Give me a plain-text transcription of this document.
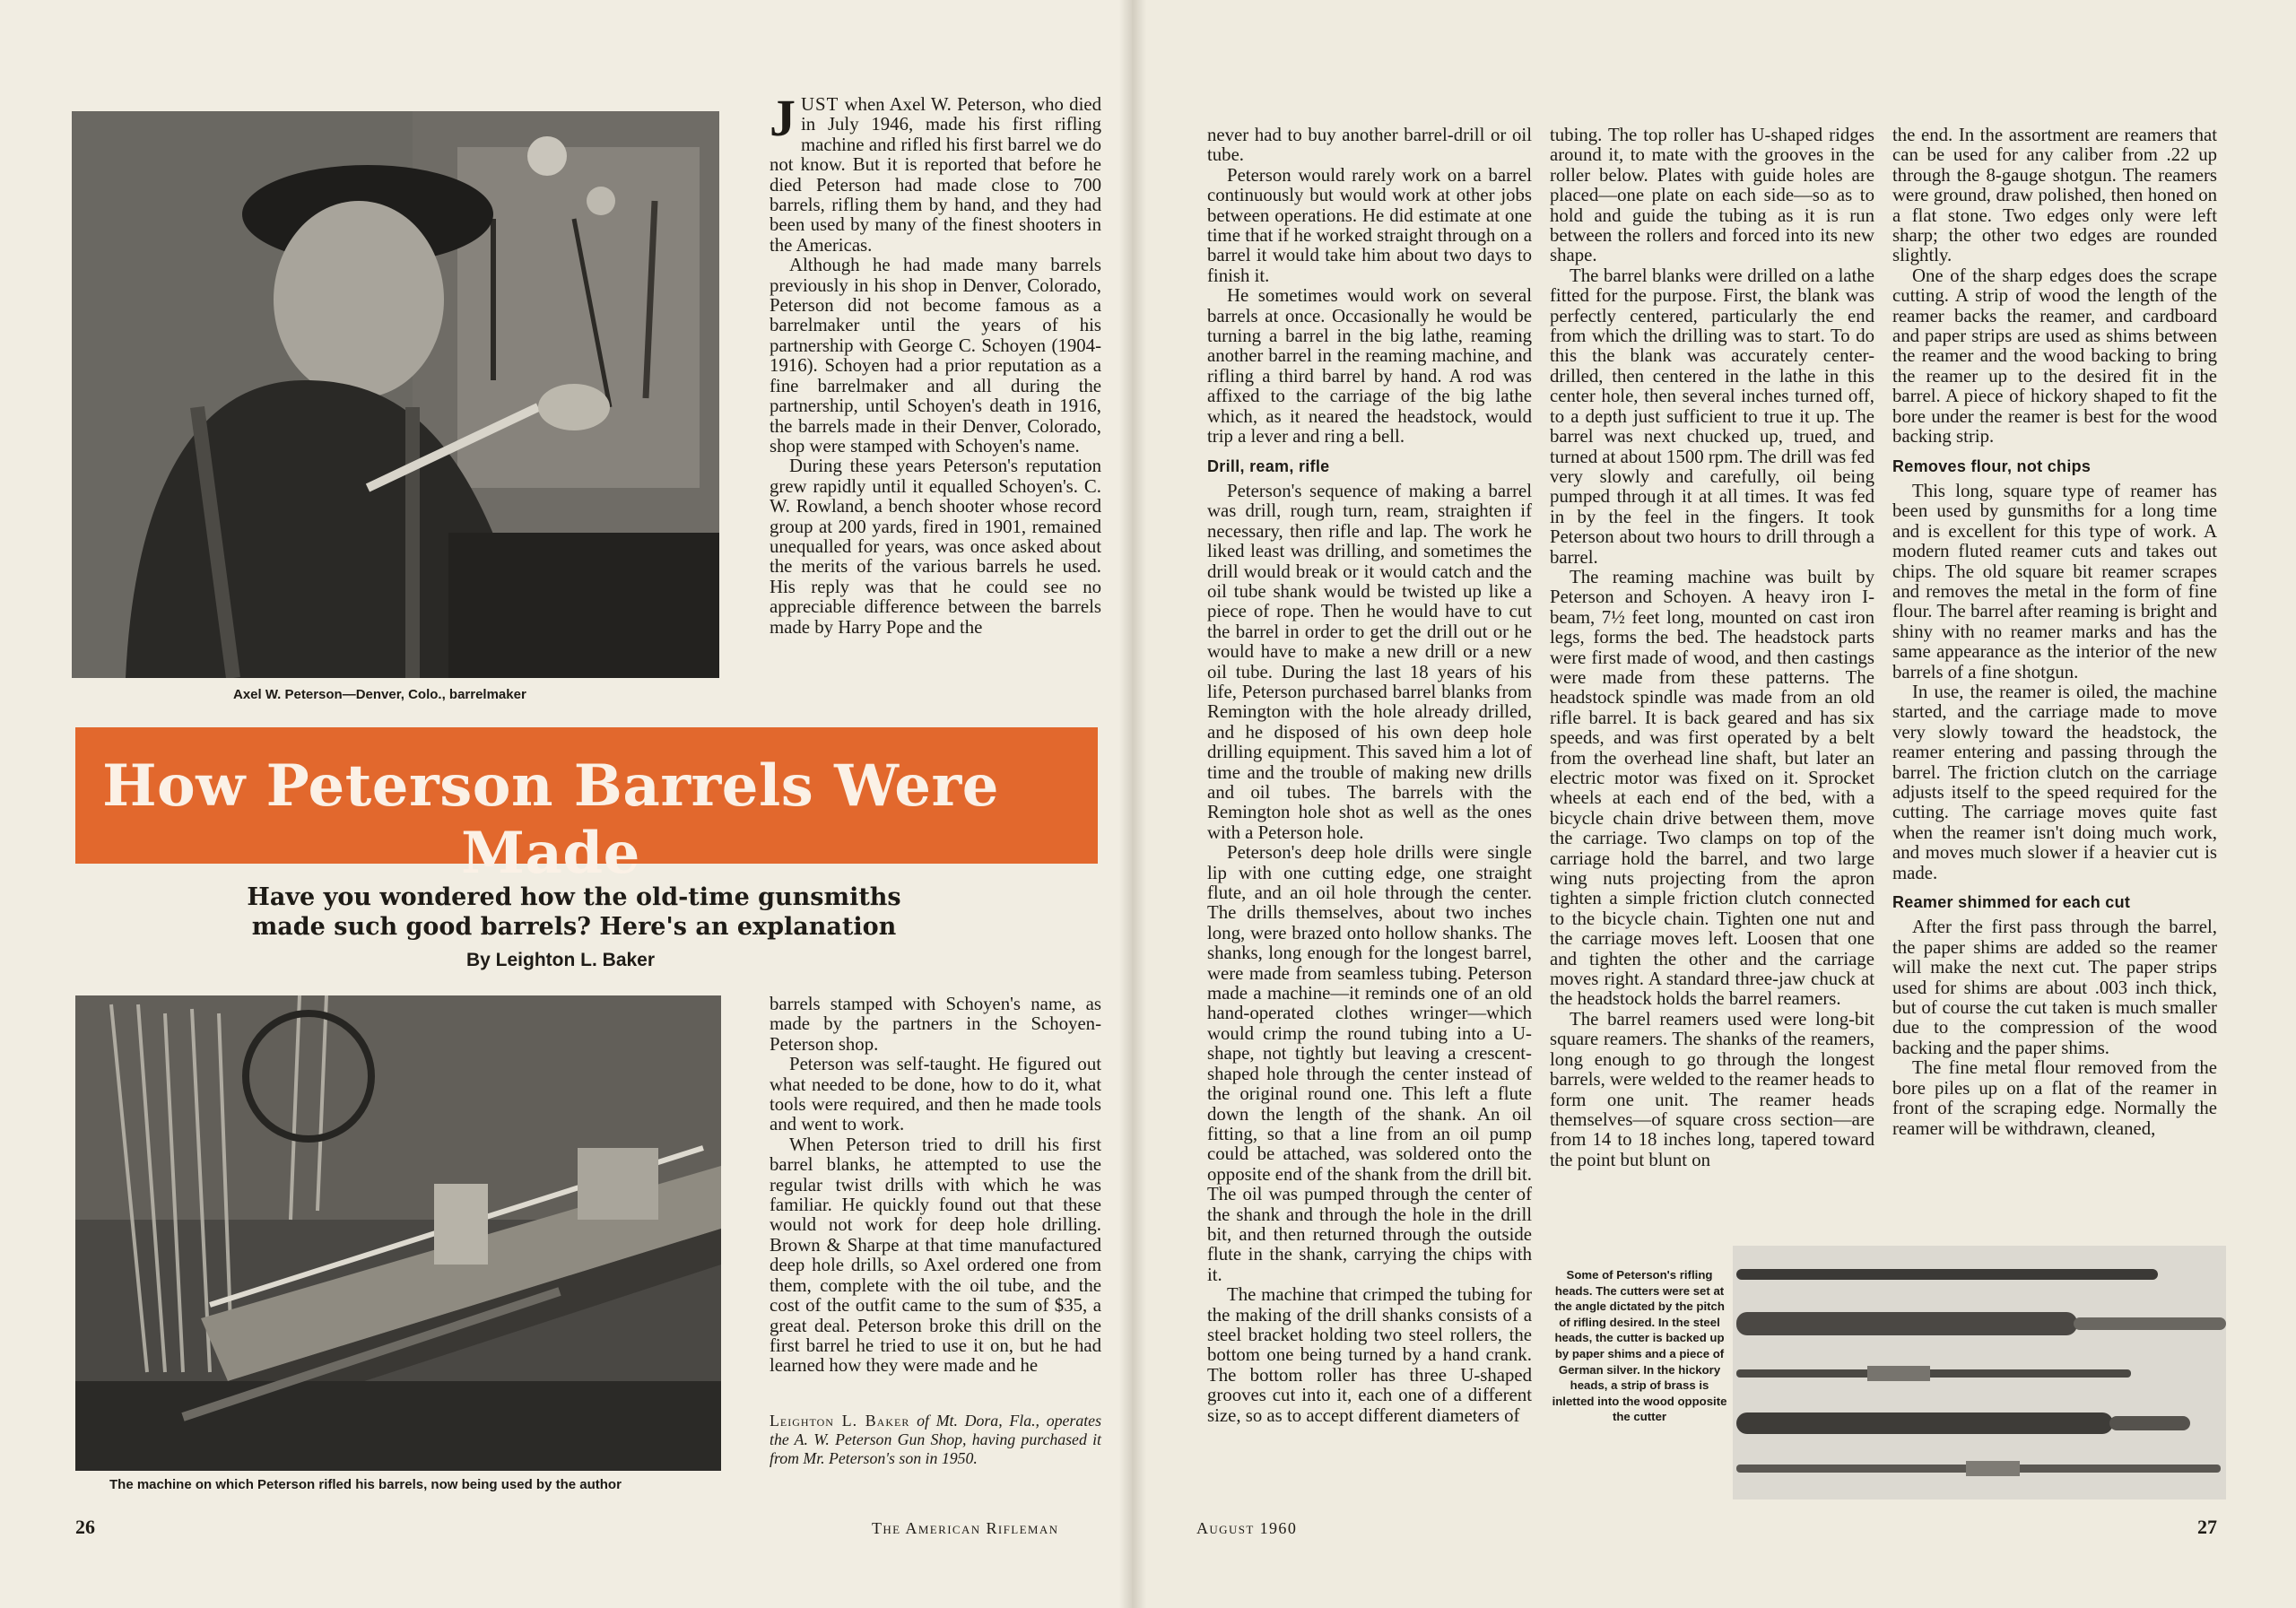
Axel W. Peterson—Denver, Colo., barrelmaker

JUST when Axel W. Peterson, who died in July 1946, made his first rifling machine and rifled his first barrel we do not know. But it is reported that before he died Peterson had made close to 700 barrels, rifling them by hand, and they had been used by many of the finest shooters in the Americas.

Although he had made many barrels previously in his shop in Denver, Colorado, Peterson did not become famous as a barrelmaker until the years of his partnership with George C. Schoyen (1904-1916). Schoyen had a prior reputation as a fine barrelmaker and all during the partnership, until Schoyen's death in 1916, the barrels made in their Denver, Colorado, shop were stamped with Schoyen's name.

During these years Peterson's reputation grew rapidly until it equalled Schoyen's. C. W. Rowland, a bench shooter whose record group at 200 yards, fired in 1901, remained unequalled for years, was once asked about the merits of the various barrels he used. His reply was that he could see no appreciable difference between the barrels made by Harry Pope and the

How Peterson Barrels Were Made
Have you wondered how the old-time gunsmiths
made such good barrels? Here's an explanation
By Leighton L. Baker
The machine on which Peterson rifled his barrels, now being used by the author

barrels stamped with Schoyen's name, as made by the partners in the Schoyen-Peterson shop.

Peterson was self-taught. He figured out what needed to be done, how to do it, what tools were required, and then he made tools and went to work.

When Peterson tried to drill his first barrel blanks, he attempted to use the regular twist drills with which he was familiar. He quickly found out that these would not work for deep hole drilling. Brown & Sharpe at that time manufactured deep hole drills, so Axel ordered one from them, complete with the oil tube, and the cost of the outfit came to the sum of $35, a great deal. Peterson broke this drill on the first barrel he tried to use it on, but he had learned how they were made and he

Leighton L. Baker of Mt. Dora, Fla., operates the A. W. Peterson Gun Shop, having purchased it from Mr. Peterson's son in 1950.
26	The American Rifleman

never had to buy another barrel-drill or oil tube.

Peterson would rarely work on a barrel continuously but would work at other jobs between operations. He did estimate at one time that if he worked straight through on a barrel it would take him about two days to finish it.

He sometimes would work on several barrels at once. Occasionally he would be turning a barrel in the big lathe, reaming another barrel in the reaming machine, and rifling a third barrel by hand. A rod was affixed to the carriage of the big lathe which, as it neared the headstock, would trip a lever and ring a bell.

Drill, ream, rifle

Peterson's sequence of making a barrel was drill, rough turn, ream, straighten if necessary, then rifle and lap. The work he liked least was drilling, and sometimes the drill would break or it would catch and the oil tube shank would be twisted up like a piece of rope. Then he would have to cut the barrel in order to get the drill out or he would have to make a new drill or a new oil tube. During the last 18 years of his life, Peterson purchased barrel blanks from Remington with the hole already drilled, and he disposed of his own deep hole drilling equipment. This saved him a lot of time and the trouble of making new drills and oil tubes. The barrels with the Remington hole shot as well as the ones with a Peterson hole.

Peterson's deep hole drills were single lip with one cutting edge, one straight flute, and an oil hole through the center. The drills themselves, about two inches long, were brazed onto hollow shanks. The shanks, long enough for the longest barrel, were made from seamless tubing. Peterson made a machine—it reminds one of an old hand-operated clothes wringer—which would crimp the round tubing into a U-shape, not tightly but leaving a crescent-shaped hole through the center instead of the original round one. This left a flute down the length of the shank. An oil fitting, so that a line from an oil pump could be attached, was soldered onto the opposite end of the shank from the drill bit. The oil was pumped through the center of the shank and through the hole in the drill bit, and then returned through the outside flute in the shank, carrying the chips with it.

The machine that crimped the tubing for the making of the drill shanks consists of a steel bracket holding two steel rollers, the bottom one being turned by a hand crank. The bottom roller has three U-shaped grooves cut into it, each one of a different size, so as to accept different diameters of

tubing. The top roller has U-shaped ridges around it, to mate with the grooves in the roller below. Plates with guide holes are placed—one plate on each side—so as to hold and guide the tubing as it is run between the rollers and forced into its new shape.

The barrel blanks were drilled on a lathe fitted for the purpose. First, the blank was perfectly centered, particularly the end from which the drilling was to start. To do this the blank was accurately center-drilled, then centered in the lathe in this center hole, then several inches turned off, to a depth just sufficient to true it up. The barrel was next chucked up, trued, and turned at about 1500 rpm. The drill was fed very slowly and carefully, oil being pumped through it at all times. It was fed in by the feel in the fingers. It took Peterson about two hours to drill through a barrel.

The reaming machine was built by Peterson and Schoyen. A heavy iron I-beam, 7½ feet long, mounted on cast iron legs, forms the bed. The headstock parts were first made of wood, and then castings were made from these patterns. The headstock spindle was made from an old rifle barrel. It is back geared and has six speeds, and was first operated by a belt from the overhead line shaft, but later an electric motor was fixed on it. Sprocket wheels at each end of the bed, with a bicycle chain drive between them, move the carriage. Two clamps on top of the carriage hold the barrel, and two large wing nuts projecting from the apron tighten a simple friction clutch connected to the bicycle chain. Tighten one nut and the carriage moves left. Loosen that one and tighten the other and the carriage moves right. A standard three-jaw chuck at the headstock holds the barrel reamers.

The barrel reamers used were long-bit square reamers. The shanks of the reamers, long enough to go through the longest barrels, were welded to the reamer heads to form one unit. The reamer heads themselves—of square cross section—are from 14 to 18 inches long, tapered toward the point but blunt on

the end. In the assortment are reamers that can be used for any caliber from .22 up through the 8-gauge shotgun. The reamers were ground, draw polished, then honed on a flat stone. Two edges only were left sharp; the other two edges are rounded slightly.

One of the sharp edges does the scrape cutting. A strip of wood the length of the reamer backs the reamer, and cardboard and paper strips are used as shims between the reamer and the wood backing to bring the reamer up to the desired fit in the barrel. A piece of hickory shaped to fit the bore under the reamer is best for the wood backing strip.

Removes flour, not chips

This long, square type of reamer has been used by gunsmiths for a long time and is excellent for this type of work. A modern fluted reamer cuts and takes out chips. The old square bit reamer scrapes and removes the metal in the form of fine flour. The barrel after reaming is bright and shiny with no reamer marks and has the same appearance as the interior of the new barrels of a fine shotgun.

In use, the reamer is oiled, the machine started, and the carriage made to move very slowly toward the headstock, the reamer entering and passing through the barrel. The friction clutch on the carriage adjusts itself to the speed required for the cutting. The carriage moves quite fast when the reamer isn't doing much work, and moves much slower if a heavier cut is made.

Reamer shimmed for each cut

After the first pass through the barrel, the paper shims are added so the reamer will make the next cut. The paper strips used for shims are about .003 inch thick, but of course the cut taken is much smaller due to the compression of the wood backing and the paper shims.

The fine metal flour removed from the bore piles up on a flat of the reamer in front of the scraping edge. Normally the reamer will be withdrawn, cleaned,

Some of Peterson's rifling heads. The cutters were set at the angle dictated by the pitch of rifling desired. In the steel heads, the cutter is backed up by paper shims and a piece of German silver. In the hickory heads, a strip of brass is inletted into the wood opposite the cutter
August 1960	27
